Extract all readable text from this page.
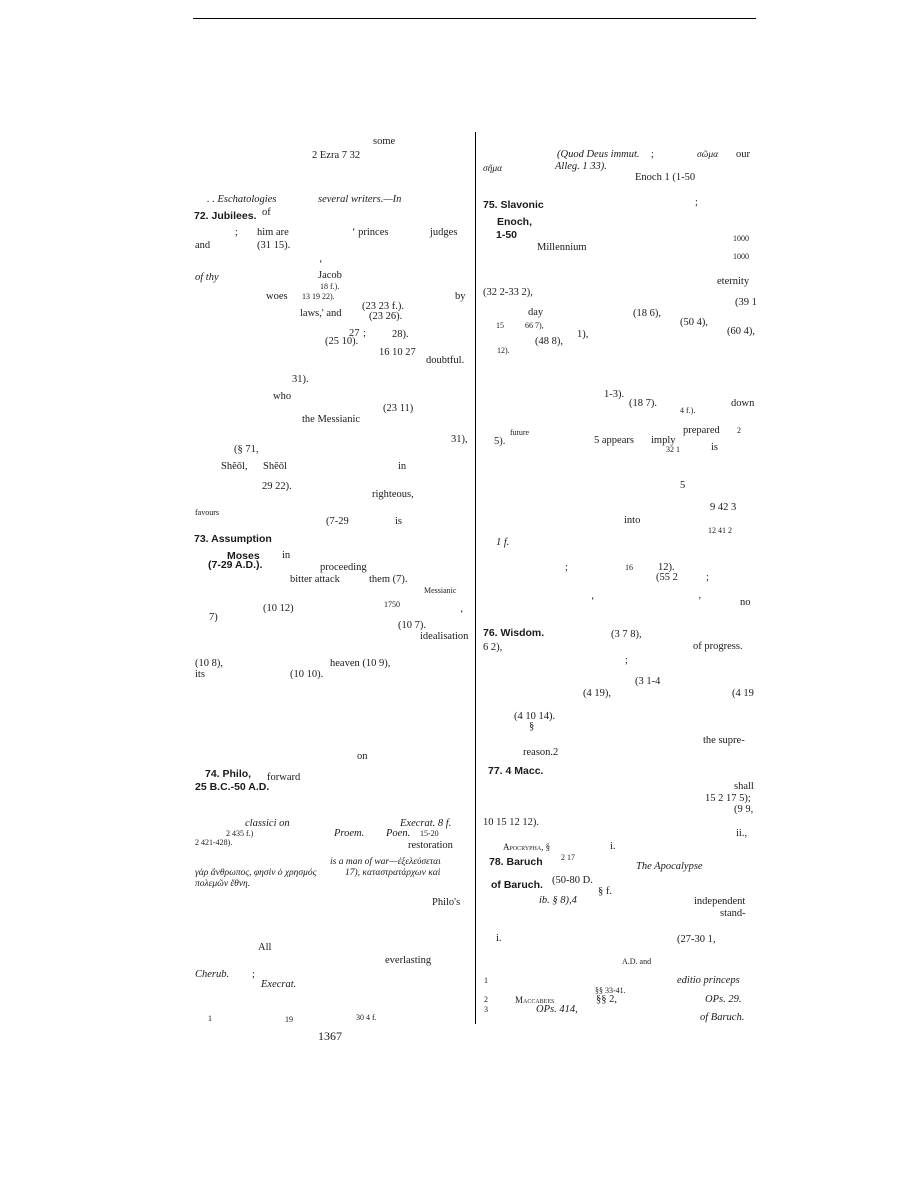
some
2 Ezra 7 32
. . Eschatologies	several writers.—In
of
72. Jubilees.
; him are	‘ princes	judges
and	(31 15).
‘
Jacob
of thy
18 f.).
woes 13 19 22).	by
(23 23 f.).
laws,' and	(23 26).
27 ; 28).
(25 10).
16 10 27
doubtful.
31).
who
(23 11)
the Messianic
31),
(§ 71,
Shĕōl, Shĕōl	in
29 22).
righteous,
favours
(7-29	is
73. Assumption
Moses in
(7-29 A.D.).	proceeding
bitter attack	them (7).
Messianic
1750
(10 12)
7)	‘
(10 7).
idealisation
(10 8),	heaven (10 9),
its	(10 10).
on
74. Philo, forward
25 B.C.-50 A.D.
classici on	Execrat. 8 f.
2 435 f.)	Proem. Poen. 15-20
2 421-428).	restoration
is a man of war—ἐξελεύσεται
γὰρ ἄνθρωπος, φησὶν ὁ χρησμός	17), καταστρατάρχων καὶ
πολεμῶν ἔθνη.
Philo's
All
everlasting
Cherub. ;
Execrat.
1	19	30 4 f.
(Quod Deus immut. ;	σῶμα our
σῆμα	Alleg. 1 33).
Enoch 1 (1-50
75. Slavonic	;
Enoch,
1-50	1000
Millennium
1000
eternity
(32 2-33 2),
(39 1
day	(18 6),
15	66 7),	(50 4),
(60 4),
1),
(48 8),
12).
1-3).
(18 7).
4 f.).
down
future	prepared 2
5).	5 appears imply
32 1	is
5
9 42 3
into
12 41 2
1 f.
;	16 12).
(55 2	;
‘	’	no
76. Wisdom.	(3 7 8),
6 2),	of progress.
;
(3 1-4
(4 19),	(4 19
(4 10 14).
§
the supre-
reason.2
77. 4 Macc.
shall
15 2 17 5);
(9 9,
10 15 12 12).
ii.,
Apocrypha, §	i.
2 17
78. Baruch	The Apocalypse
of Baruch. (50-80 D.
§ f.
ib. § 8),4	independent
stand-
i.	(27-30 1,
A.D. and
1	editio princeps
§§ 33-41.
2	Maccabees	§§ 2,	OPs. 29.
3	OPs. 414,
of Baruch.
1367
